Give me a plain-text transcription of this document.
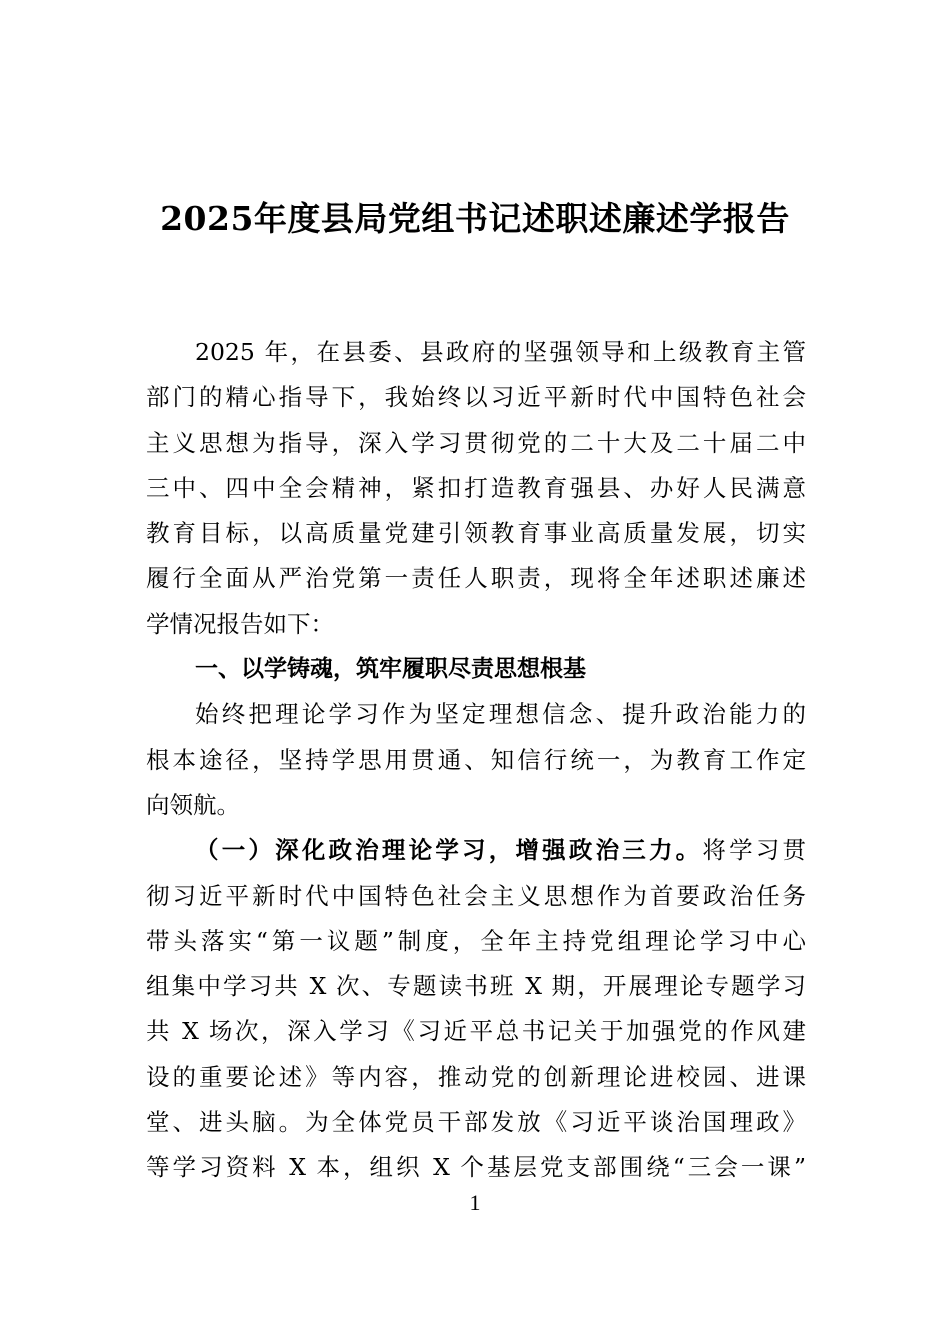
2025年度县局党组书记述职述廉述学报告
2025 年，在县委、县政府的坚强领导和上级教育主管
部门的精心指导下，我始终以习近平新时代中国特色社会
主义思想为指导，深入学习贯彻党的二十大及二十届二中
三中、四中全会精神，紧扣打造教育强县、办好人民满意
教育目标，以高质量党建引领教育事业高质量发展，切实
履行全面从严治党第一责任人职责，现将全年述职述廉述
学情况报告如下：
一、以学铸魂，筑牢履职尽责思想根基
始终把理论学习作为坚定理想信念、提升政治能力的
根本途径，坚持学思用贯通、知信行统一，为教育工作定
向领航。
（一）深化政治理论学习，增强政治三力。将学习贯
彻习近平新时代中国特色社会主义思想作为首要政治任务
带头落实“第一议题”制度，全年主持党组理论学习中心
组集中学习共 X 次、专题读书班 X 期，开展理论专题学习
共 X 场次，深入学习《习近平总书记关于加强党的作风建
设的重要论述》等内容，推动党的创新理论进校园、进课
堂、进头脑。为全体党员干部发放《习近平谈治国理政》
等学习资料 X 本，组织 X 个基层党支部围绕“三会一课”
1
